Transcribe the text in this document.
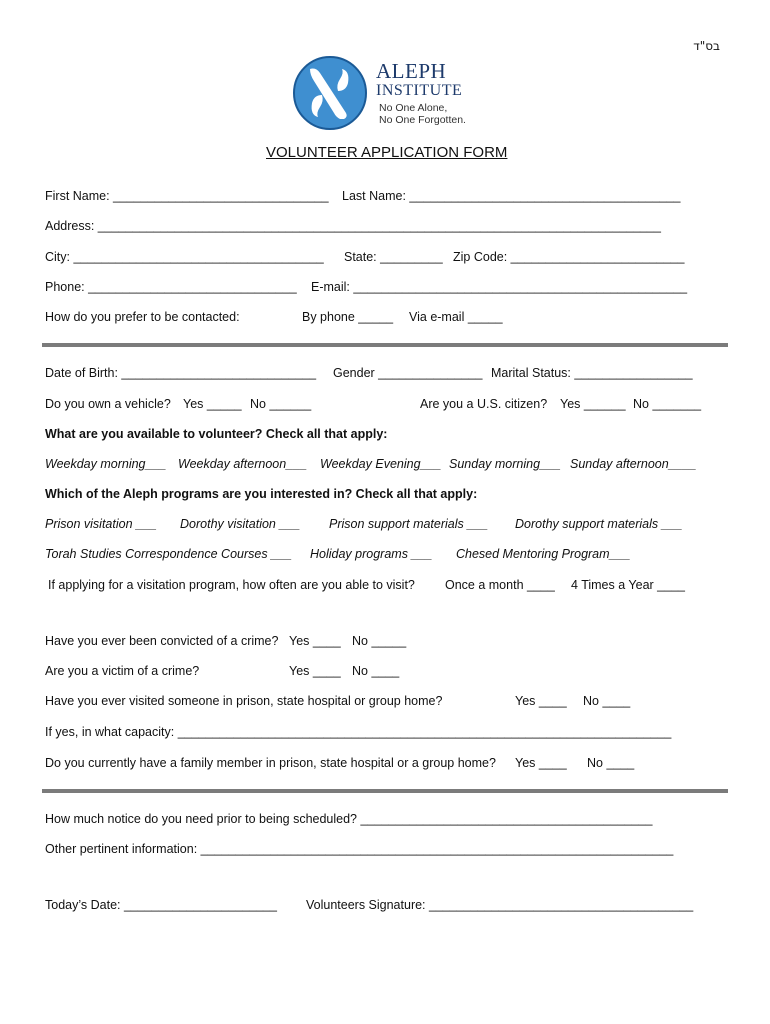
בס"ד
ALEPH
INSTITUTE
No One Alone,
No One Forgotten.
VOLUNTEER APPLICATION FORM
First Name: _______________________________ Last Name: _______________________________________
Address: _________________________________________________________________________________
City: ____________________________________ State: _________ Zip Code: _________________________
Phone: ______________________________ E-mail: ________________________________________________
How do you prefer to be contacted:	By phone _____ Via e-mail _____
Date of Birth: ____________________________ Gender _______________ Marital Status: _________________
Do you own a vehicle? Yes _____ No ______	Are you a U.S. citizen? Yes ______ No _______
What are you available to volunteer? Check all that apply:
Weekday morning___ Weekday afternoon___ Weekday Evening___ Sunday morning___ Sunday afternoon____
Which of the Aleph programs are you interested in? Check all that apply:
Prison visitation ___ Dorothy visitation ___ Prison support materials ___ Dorothy support materials ___
Torah Studies Correspondence Courses ___ Holiday programs ___ Chesed Mentoring Program___
If applying for a visitation program, how often are you able to visit? Once a month ____ 4 Times a Year ____
Have you ever been convicted of a crime? Yes ____ No _____
Are you a victim of a crime?	Yes ____ No ____
Have you ever visited someone in prison, state hospital or group home?	Yes ____ No ____
If yes, in what capacity: _______________________________________________________________________
Do you currently have a family member in prison, state hospital or a group home? Yes ____ No ____
How much notice do you need prior to being scheduled? __________________________________________
Other pertinent information: ____________________________________________________________________
Today’s Date: ______________________ Volunteers Signature: ______________________________________
